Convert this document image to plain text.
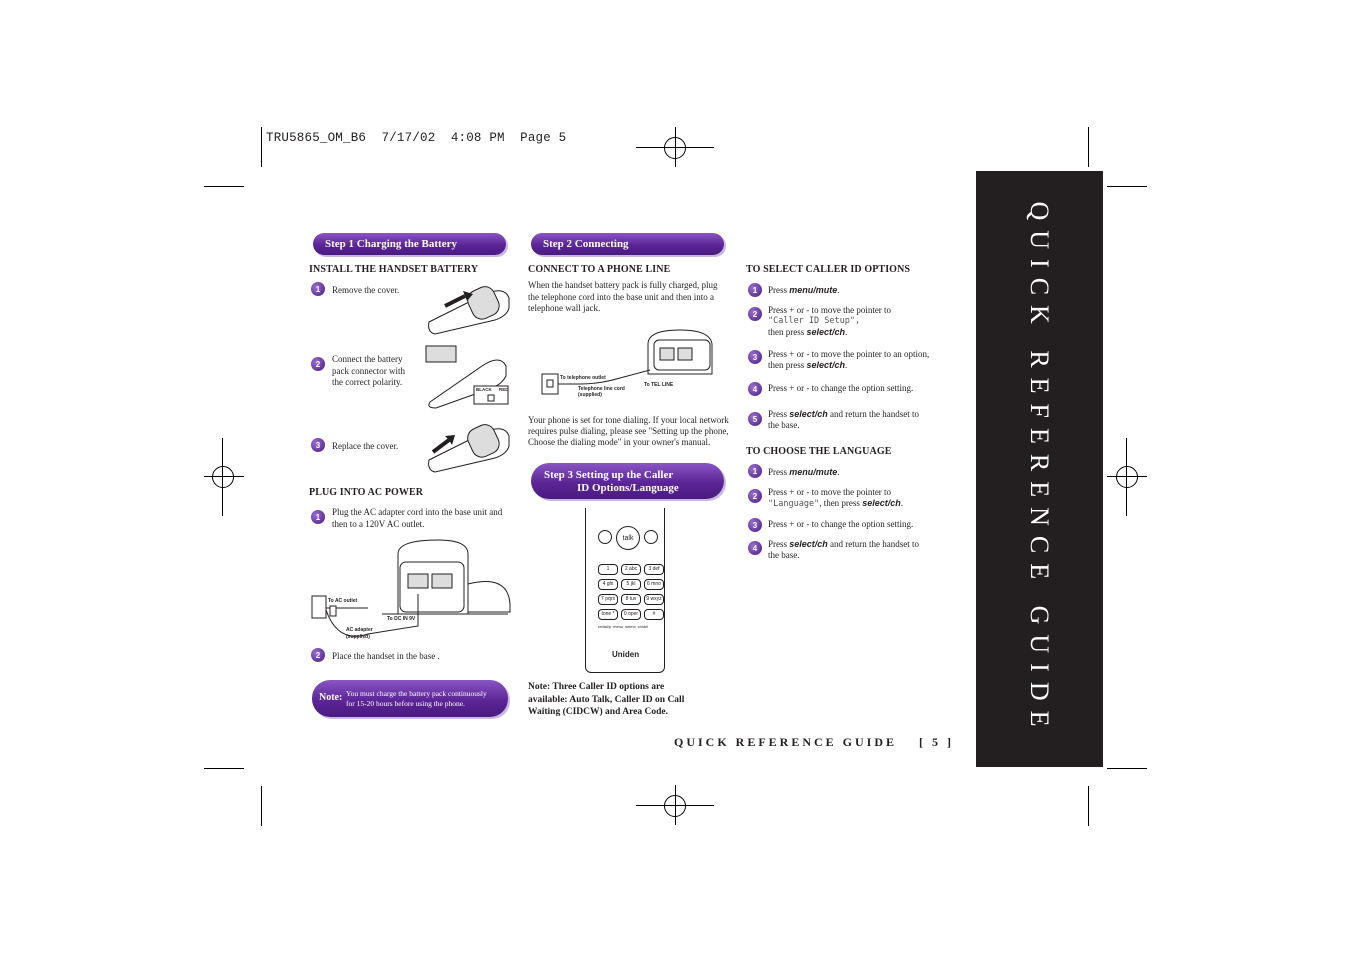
TRU5865_OM_B6  7/17/02  4:08 PM  Page 5
QUICK REFERENCE GUIDE
Step 1 Charging the Battery
INSTALL THE HANDSET BATTERY
1	Remove the cover.
2	Connect the battery
pack connector with
the correct polarity.
BLACK RED
3	Replace the cover.
PLUG INTO AC POWER
1	Plug the AC adapter cord into the base unit and
then to a 120V AC outlet.
To AC outlet
To DC IN 9V
AC adapter
(supplied)
2	Place the handset in the base .
Note: You must charge the battery pack continuously
for 15-20 hours before using the phone.
Step 2 Connecting
CONNECT TO A PHONE LINE
When the handset battery pack is fully charged, plug
the telephone cord into the base unit and then into a
telephone wall jack.
To telephone outlet
Telephone line cord
(supplied)
To TEL LINE
Your phone is set for tone dialing. If your local network
requires pulse dialing, please see "Setting up the phone,
Choose the dialing mode" in your owner's manual.
Step 3 Setting up the Caller
ID Options/Language
talk
1	2 abc	3 def
4 ghi	5 jkl	6 mno
7 pqrs	8 tuv	9 wxyz
tone *	0 oper	#
redial/p menu select ch/del
Uniden
Note: Three Caller ID options are
available: Auto Talk, Caller ID on Call
Waiting (CIDCW) and Area Code.
TO SELECT CALLER ID OPTIONS
1	Press menu/mute.
2	Press + or - to move the pointer to
"Caller ID Setup",
then press select/ch.
3	Press + or - to move the pointer to an option,
then press select/ch.
4	Press + or - to change the option setting.
5	Press select/ch and return the handset to
the base.
TO CHOOSE THE LANGUAGE
1	Press menu/mute.
2	Press + or - to move the pointer to
"Language", then press select/ch.
3	Press + or - to change the option setting.
4	Press select/ch and return the handset to
the base.
QUICK REFERENCE GUIDE [ 5 ]
